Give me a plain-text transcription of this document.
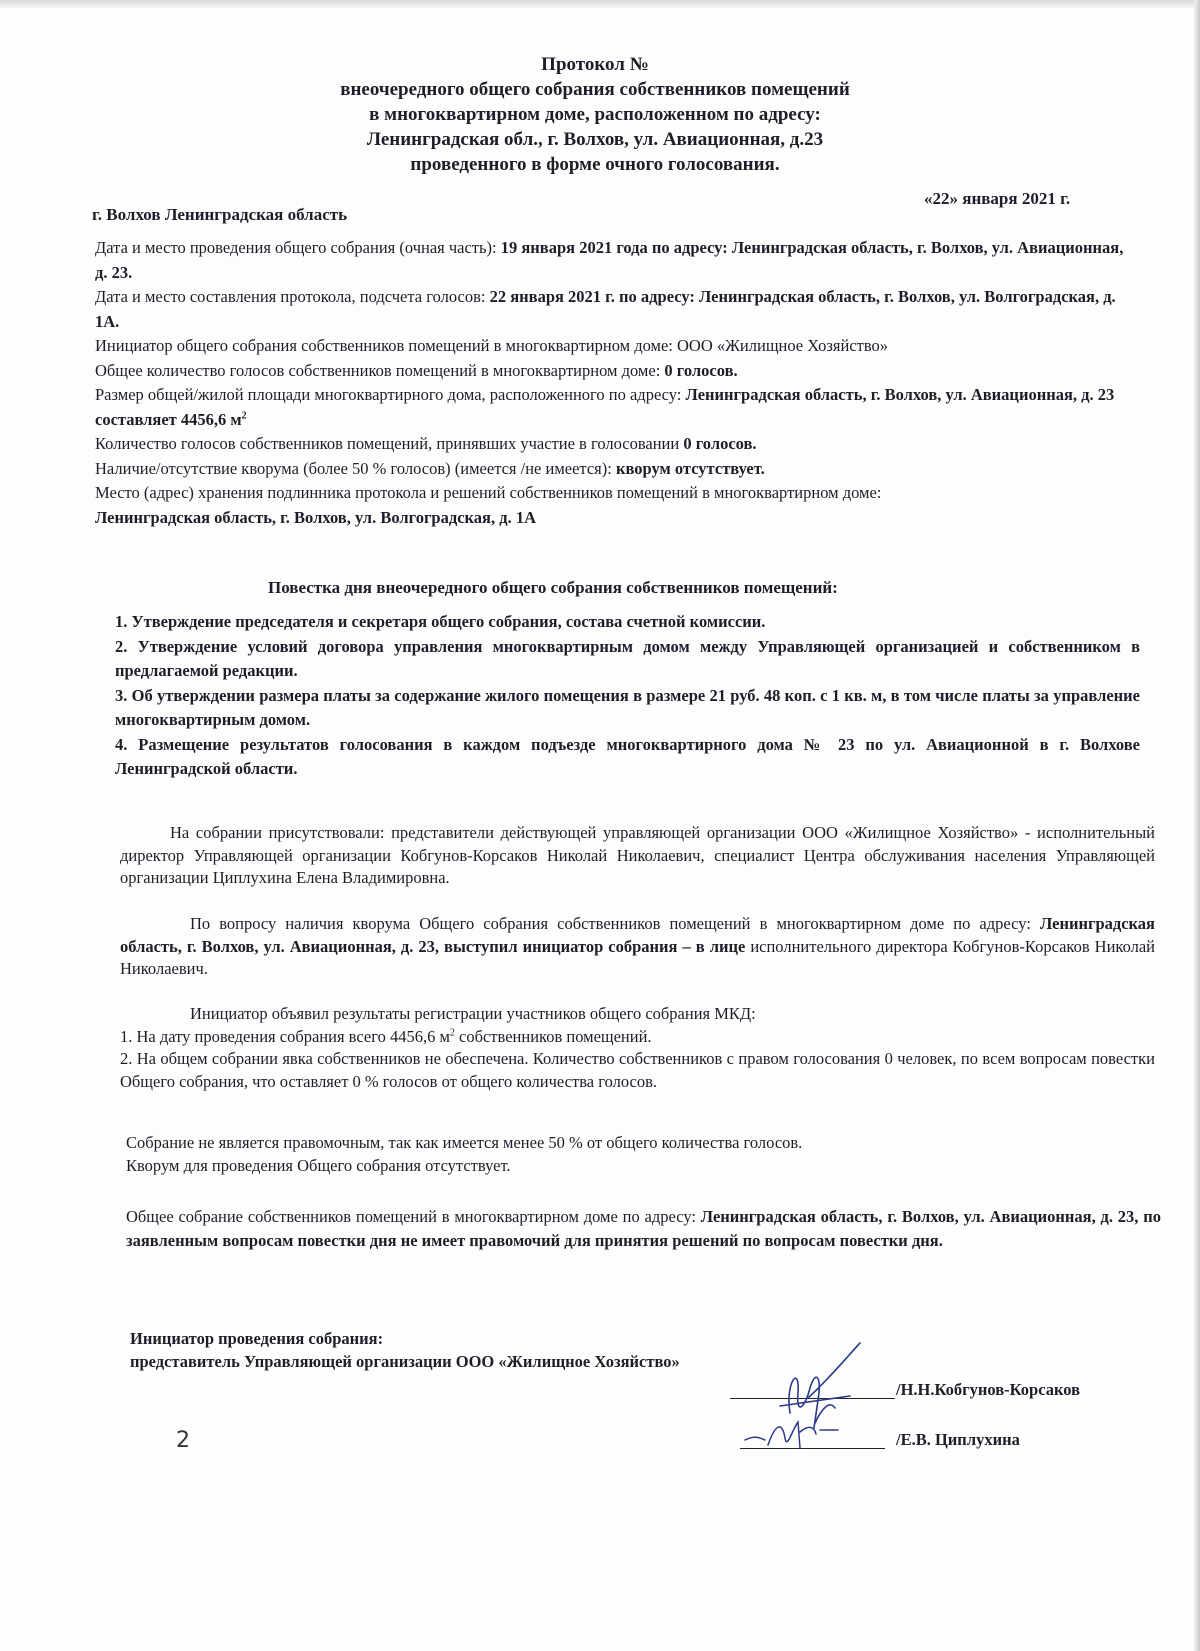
Протокол №
внеочередного общего собрания собственников помещений
в многоквартирном доме, расположенном по адресу:
Ленинградская обл., г. Волхов, ул. Авиационная, д.23
проведенного в форме очного голосования.
«22» января 2021 г.
г. Волхов Ленинградская область

Дата и место проведения общего собрания (очная часть): 19 января 2021 года по адресу: Ленинградская область, г. Волхов, ул. Авиационная, д. 23.

Дата и место составления протокола, подсчета голосов: 22 января 2021 г. по адресу: Ленинградская область, г. Волхов, ул. Волгоградская, д. 1А.

Инициатор общего собрания собственников помещений в многоквартирном доме: ООО «Жилищное Хозяйство»

Общее количество голосов собственников помещений в многоквартирном доме: 0 голосов.

Размер общей/жилой площади многоквартирного дома, расположенного по адресу: Ленинградская область, г. Волхов, ул. Авиационная, д. 23 составляет 4456,6 $м^2$

Количество голосов собственников помещений, принявших участие в голосовании 0 голосов.

Наличие/отсутствие кворума (более 50 % голосов) (имеется /не имеется): кворум отсутствует.

Место (адрес) хранения подлинника протокола и решений собственников помещений в многоквартирном доме:
Ленинградская область, г. Волхов, ул. Волгоградская, д. 1А

Повестка дня внеочередного общего собрания собственников помещений:

1. Утверждение председателя и секретаря общего собрания, состава счетной комиссии.

2. Утверждение условий договора управления многоквартирным домом между Управляющей организацией и собственником в предлагаемой редакции.

3. Об утверждении размера платы за содержание жилого помещения в размере 21 руб. 48 коп. с 1 кв. м, в том числе платы за управление многоквартирным домом.

4. Размещение результатов голосования в каждом подъезде многоквартирного дома № 23 по ул. Авиационной в г. Волхове Ленинградской области.

На собрании присутствовали: представители действующей управляющей организации ООО «Жилищное Хозяйство» - исполнительный директор Управляющей организации Кобгунов-Корсаков Николай Николаевич, специалист Центра обслуживания населения Управляющей организации Циплухина Елена Владимировна.

По вопросу наличия кворума Общего собрания собственников помещений в многоквартирном доме по адресу: Ленинградская область, г. Волхов, ул. Авиационная, д. 23, выступил инициатор собрания – в лице исполнительного директора Кобгунов-Корсаков Николай Николаевич.

Инициатор объявил результаты регистрации участников общего собрания МКД:

1. На дату проведения собрания всего 4456,6 $м^2$ собственников помещений.

2. На общем собрании явка собственников не обеспечена. Количество собственников с правом голосования 0 человек, по всем вопросам повестки Общего собрания, что оставляет 0 % голосов от общего количества голосов.

Собрание не является правомочным, так как имеется менее 50 % от общего количества голосов.

Кворум для проведения Общего собрания отсутствует.

Общее собрание собственников помещений в многоквартирном доме по адресу: Ленинградская область, г. Волхов, ул. Авиационная, д. 23, по заявленным вопросам повестки дня не имеет правомочий для принятия решений по вопросам повестки дня.

Инициатор проведения собрания:
представитель Управляющей организации ООО «Жилищное Хозяйство»
/Н.Н.Кобгунов-Корсаков
/Е.В. Циплухина
2
